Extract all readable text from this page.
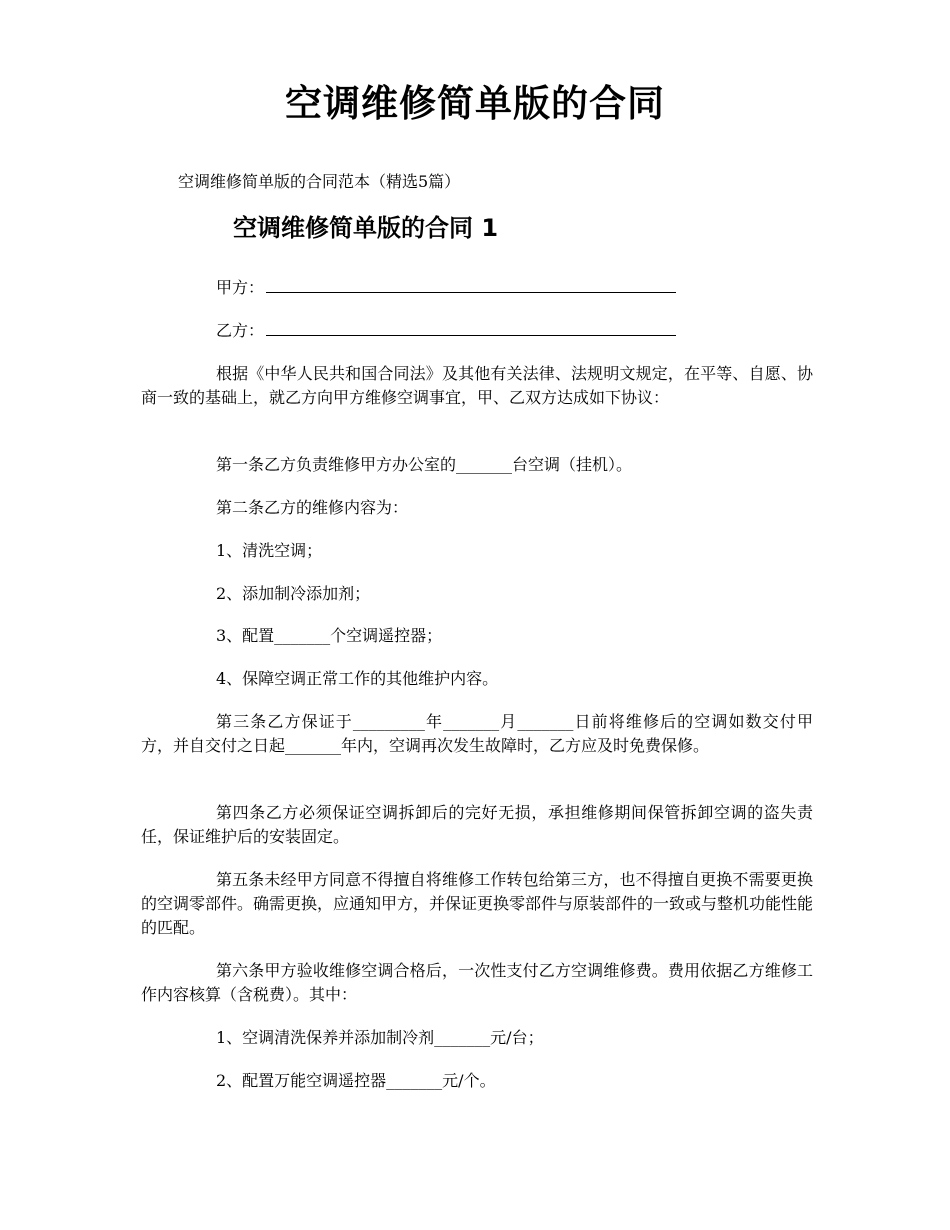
空调维修简单版的合同
空调维修简单版的合同范本（精选5篇）
空调维修简单版的合同 1
甲方：
乙方：

根据《中华人民共和国合同法》及其他有关法律、法规明文规定，在平等、自愿、协商一致的基础上，就乙方向甲方维修空调事宜，甲、乙双方达成如下协议：

第一条乙方负责维修甲方办公室的_______台空调（挂机）。

第二条乙方的维修内容为：

1、清洗空调；

2、添加制冷添加剂；

3、配置_______个空调遥控器；

4、保障空调正常工作的其他维护内容。

第三条乙方保证于_________年_______月_______日前将维修后的空调如数交付甲方，并自交付之日起_______年内，空调再次发生故障时，乙方应及时免费保修。

第四条乙方必须保证空调拆卸后的完好无损，承担维修期间保管拆卸空调的盗失责任，保证维护后的安装固定。

第五条未经甲方同意不得擅自将维修工作转包给第三方，也不得擅自更换不需要更换的空调零部件。确需更换，应通知甲方，并保证更换零部件与原装部件的一致或与整机功能性能的匹配。

第六条甲方验收维修空调合格后，一次性支付乙方空调维修费。费用依据乙方维修工作内容核算（含税费）。其中：

1、空调清洗保养并添加制冷剂_______元/台；

2、配置万能空调遥控器_______元/个。
